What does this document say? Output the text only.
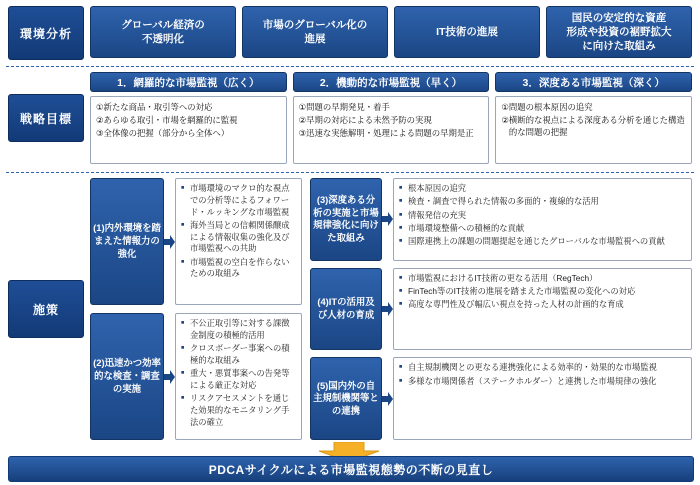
環境分析
グローバル経済の
不透明化
市場のグローバル化の
進展
IT技術の進展
国民の安定的な資産
形成や投資の裾野拡大
に向けた取組み
戦略目標
1．網羅的な市場監視（広く）
①新たな商品・取引等への対応
②あらゆる取引・市場を網羅的に監視
③全体像の把握（部分から全体へ）
2．機動的な市場監視（早く）
①問題の早期発見・着手
②早期の対応による未然予防の実現
③迅速な実態解明・処理による問題の早期是正
3．深度ある市場監視（深く）
①問題の根本原因の追究
②横断的な視点による深度ある分析を通じた構造的な問題の把握
施策
(1)内外環境を踏まえた情報力の強化
■ 市場環境のマクロ的な視点での分析等によるフォワード・ルッキングな市場監視
■ 海外当局との信頼関係醸成による情報収集の強化及び市場監視への共助
■ 市場監視の空白を作らないための取組み
(2)迅速かつ効率的な検査・調査の実施
■ 不公正取引等に対する課徴金制度の積極的活用
■ クロスボーダー事案への積極的な取組み
■ 重大・悪質事案への告発等による厳正な対応
■ リスクアセスメントを通じた効果的なモニタリング手法の確立
(3)深度ある分析の実施と市場規律強化に向けた取組み
■ 根本原因の追究
■ 検査・調査で得られた情報の多面的・複線的な活用
■ 情報発信の充実
■ 市場環境整備への積極的な貢献
■ 国際連携上の課題の問題提起を通じたグローバルな市場監視への貢献
(4)ITの活用及び人材の育成
■ 市場監視におけるIT技術の更なる活用（RegTech）
■ FinTech等のIT技術の進展を踏まえた市場監視の変化への対応
■ 高度な専門性及び幅広い視点を持った人材の計画的な育成
(5)国内外の自主規制機関等との連携
■ 自主規制機関との更なる連携強化による効率的・効果的な市場監視
■ 多様な市場関係者（ステークホルダー）と連携した市場規律の強化
PDCAサイクルによる市場監視態勢の不断の見直し
